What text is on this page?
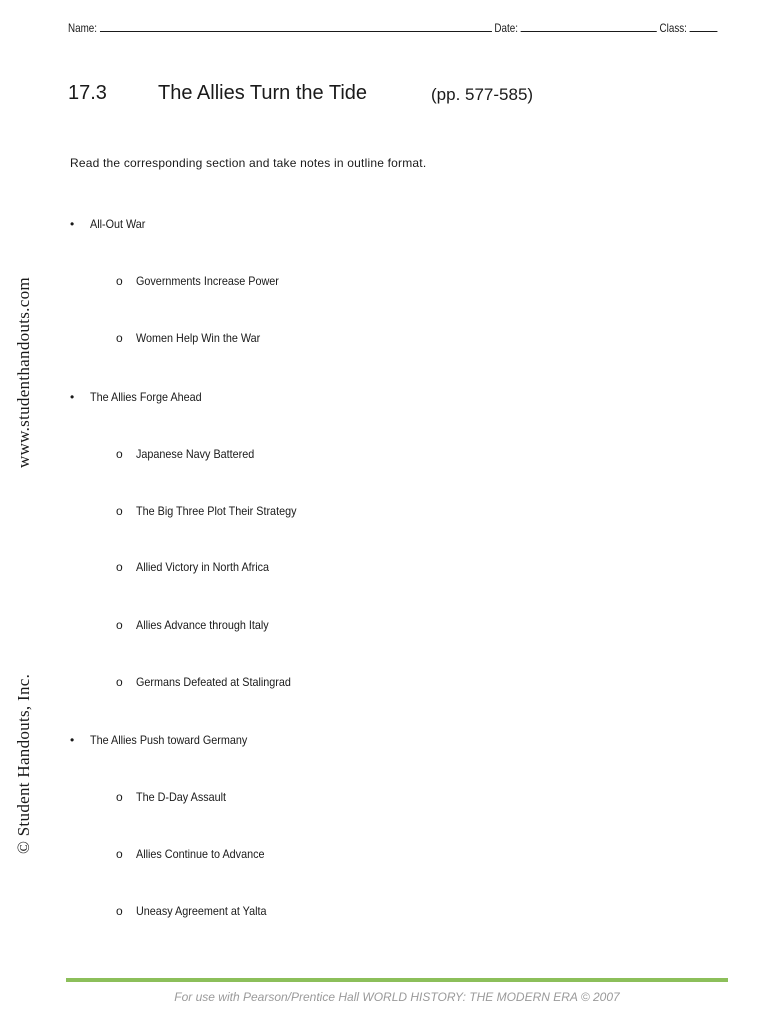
Name:	Date:	Class:
17.3	The Allies Turn the Tide	(pp. 577-585)
Read the corresponding section and take notes in outline format.
• All-Out War
o Governments Increase Power
o Women Help Win the War
• The Allies Forge Ahead
o Japanese Navy Battered
o The Big Three Plot Their Strategy
o Allied Victory in North Africa
o Allies Advance through Italy
o Germans Defeated at Stalingrad
• The Allies Push toward Germany
o The D-Day Assault
o Allies Continue to Advance
o Uneasy Agreement at Yalta
www.studenthandouts.com
© Student Handouts, Inc.
For use with Pearson/Prentice Hall WORLD HISTORY: THE MODERN ERA © 2007
